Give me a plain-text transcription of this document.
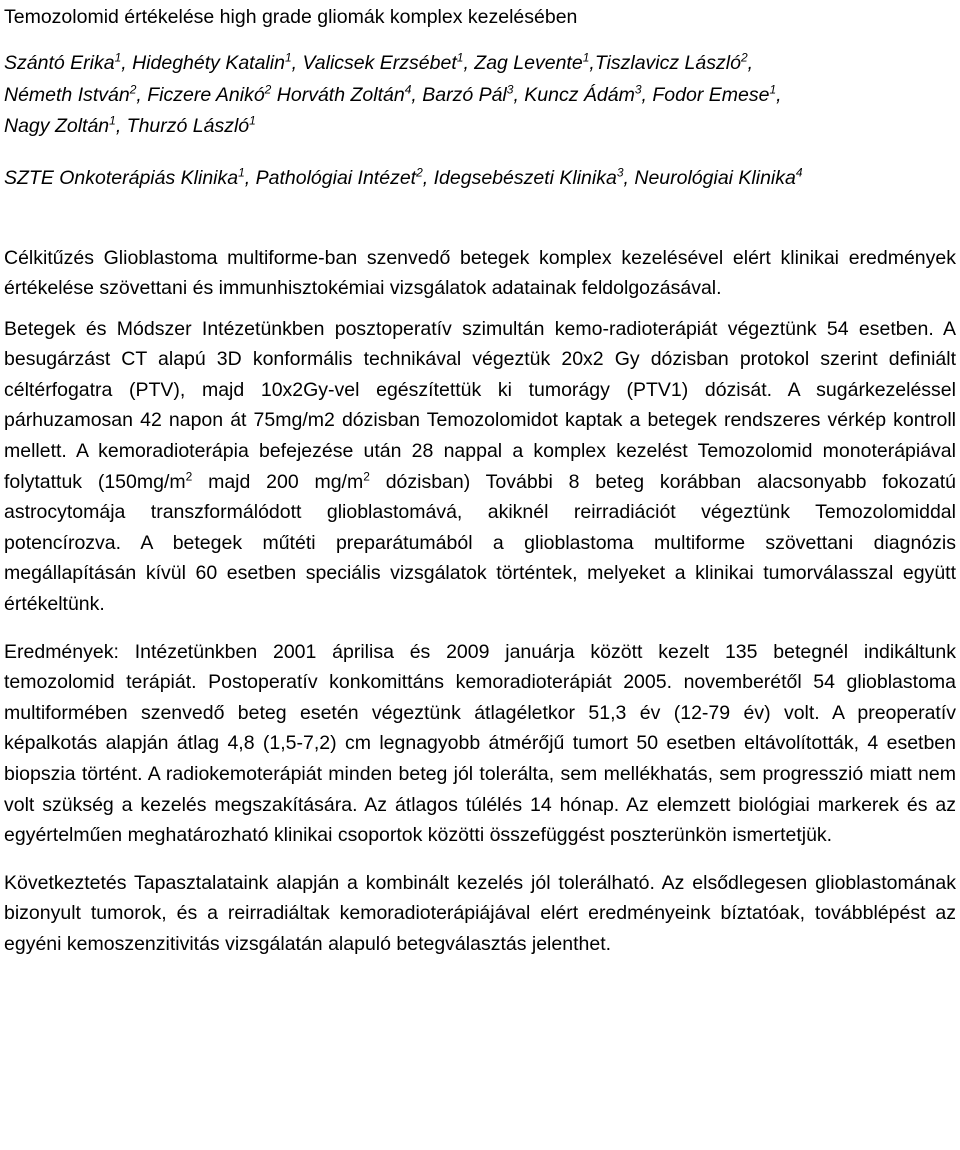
Temozolomid értékelése high grade gliomák komplex kezelésében
Szántó Erika$^1$, Hideghéty Katalin$^1$, Valicsek Erzsébet$^1$, Zag Levente$^1$,Tiszlavicz László$^2$,
Németh István$^2$, Ficzere Anikó$^2$ Horváth Zoltán$^4$, Barzó Pál$^3$, Kuncz Ádám$^3$, Fodor Emese$^1$,
Nagy Zoltán$^1$, Thurzó László$^1$
SZTE Onkoterápiás Klinika$^1$, Pathológiai Intézet$^2$, Idegsebészeti Klinika$^3$, Neurológiai Klinika$^4$

Célkitűzés Glioblastoma multiforme-ban szenvedő betegek komplex kezelésével elért klinikai eredmények értékelése szövettani és immunhisztokémiai vizsgálatok adatainak feldolgozásával.

Betegek és Módszer Intézetünkben posztoperatív szimultán kemo-radioterápiát végeztünk 54 esetben. A besugárzást CT alapú 3D konformális technikával végeztük 20x2 Gy dózisban protokol szerint definiált céltérfogatra (PTV), majd 10x2Gy-vel egészítettük ki tumorágy (PTV1) dózisát. A sugárkezeléssel párhuzamosan 42 napon át 75mg/m2 dózisban Temozolomidot kaptak a betegek rendszeres vérkép kontroll mellett. A kemoradioterápia befejezése után 28 nappal a komplex kezelést Temozolomid monoterápiával folytattuk ($150mg/m^2$ majd 200 $mg/m^2$ dózisban) További 8 beteg korábban alacsonyabb fokozatú astrocytomája transzformálódott glioblastomává, akiknél reirradiációt végeztünk Temozolomiddal potencírozva. A betegek műtéti preparátumából a glioblastoma multiforme szövettani diagnózis megállapításán kívül 60 esetben speciális vizsgálatok történtek, melyeket a klinikai tumorválasszal együtt értékeltünk.

Eredmények: Intézetünkben 2001 áprilisa és 2009 januárja között kezelt 135 betegnél indikáltunk temozolomid terápiát. Postoperatív konkomittáns kemoradioterápiát 2005. novemberétől 54 glioblastoma multiformében szenvedő beteg esetén végeztünk átlagéletkor 51,3 év (12-79 év) volt. A preoperatív képalkotás alapján átlag 4,8 (1,5-7,2) cm legnagyobb átmérőjű tumort 50 esetben eltávolították, 4 esetben biopszia történt. A radiokemoterápiát minden beteg jól tolerálta, sem mellékhatás, sem progresszió miatt nem volt szükség a kezelés megszakítására. Az átlagos túlélés 14 hónap. Az elemzett biológiai markerek és az egyértelműen meghatározható klinikai csoportok közötti összefüggést poszterünkön ismertetjük.

Következtetés Tapasztalataink alapján a kombinált kezelés jól tolerálható. Az elsődlegesen glioblastomának bizonyult tumorok, és a reirradiáltak kemoradioterápiájával elért eredményeink bíztatóak, továbblépést az egyéni kemoszenzitivitás vizsgálatán alapuló betegválasztás jelenthet.
